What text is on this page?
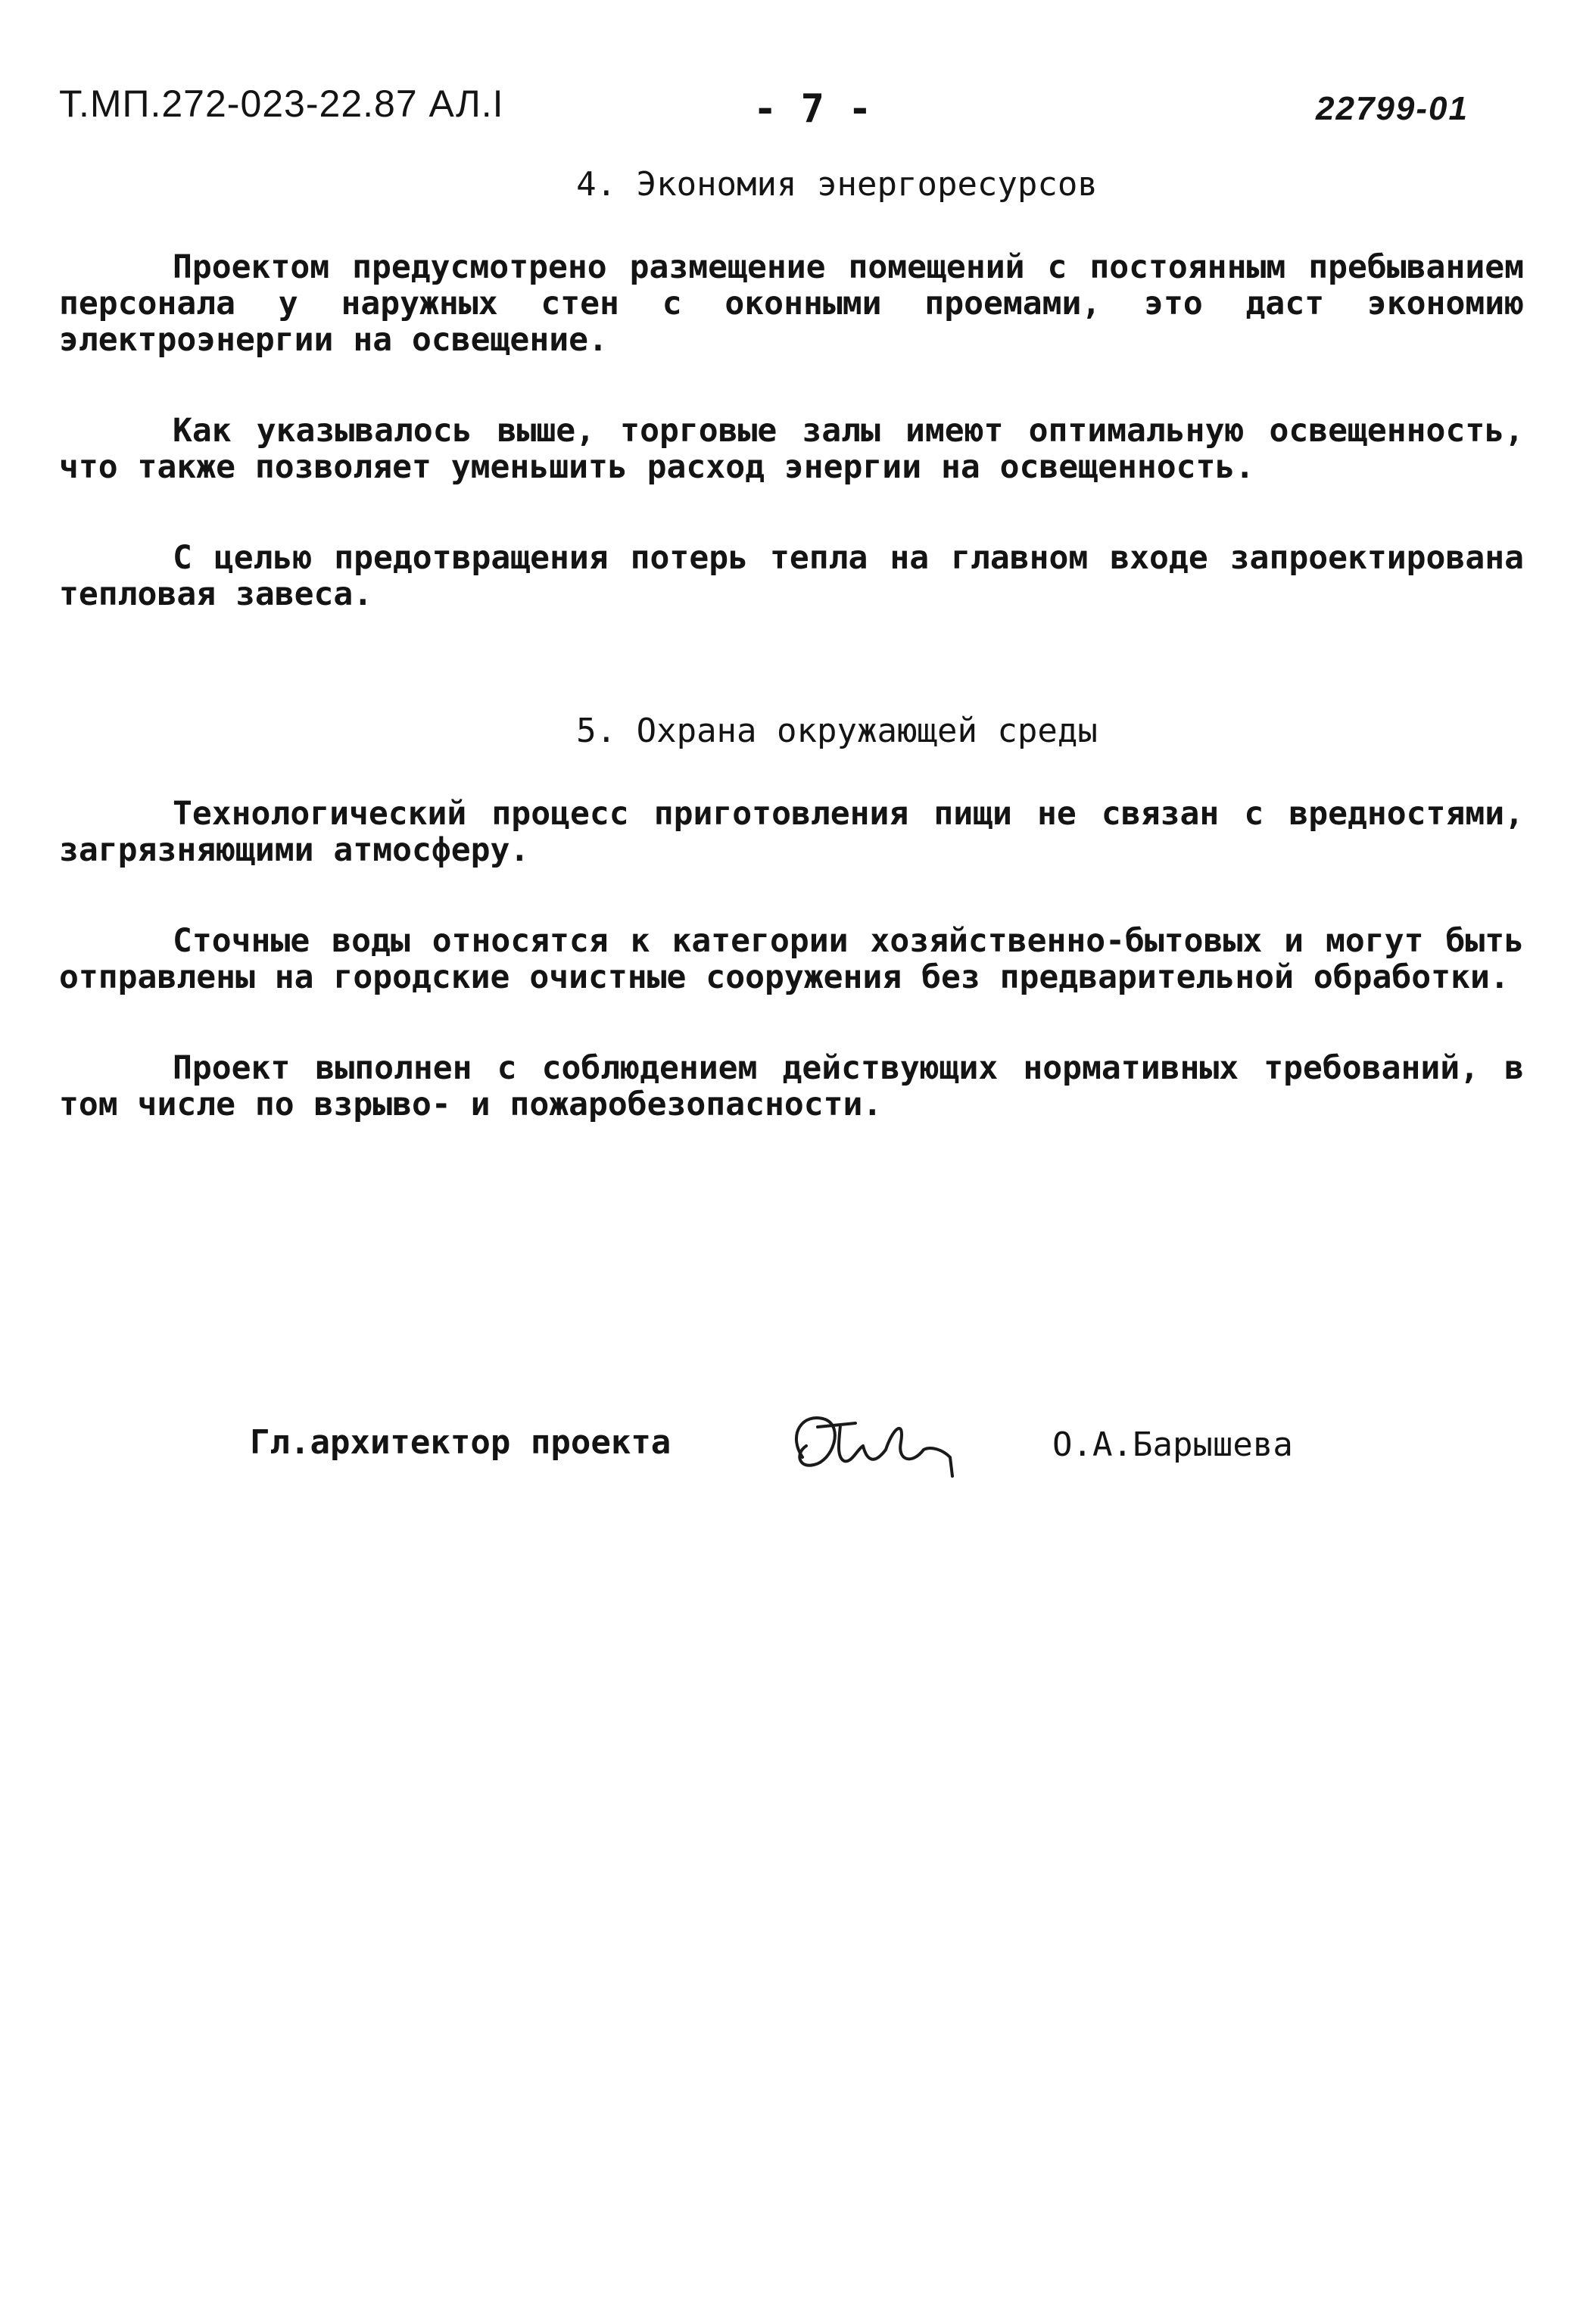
Т.МП.272-023-22.87 АЛ.I	- 7 -	22799-01
4. Экономия энергоресурсов

Проектом предусмотрено размещение помещений с постоянным пребыванием персонала у наружных стен с оконными проемами, это даст экономию электроэнергии на освещение.

Как указывалось выше, торговые залы имеют оптимальную освещенность, что также позволяет уменьшить расход энергии на освещенность.

С целью предотвращения потерь тепла на главном входе запроектирована тепловая завеса.

5. Охрана окружающей среды

Технологический процесс приготовления пищи не связан с вредностями, загрязняющими атмосферу.

Сточные воды относятся к категории хозяйственно-бытовых и могут быть отправлены на городские очистные сооружения без предварительной обработки.

Проект выполнен с соблюдением действующих нормативных требований, в том числе по взрыво- и пожаробезопасности.

Гл.архитектор проекта	О.А.Барышева
